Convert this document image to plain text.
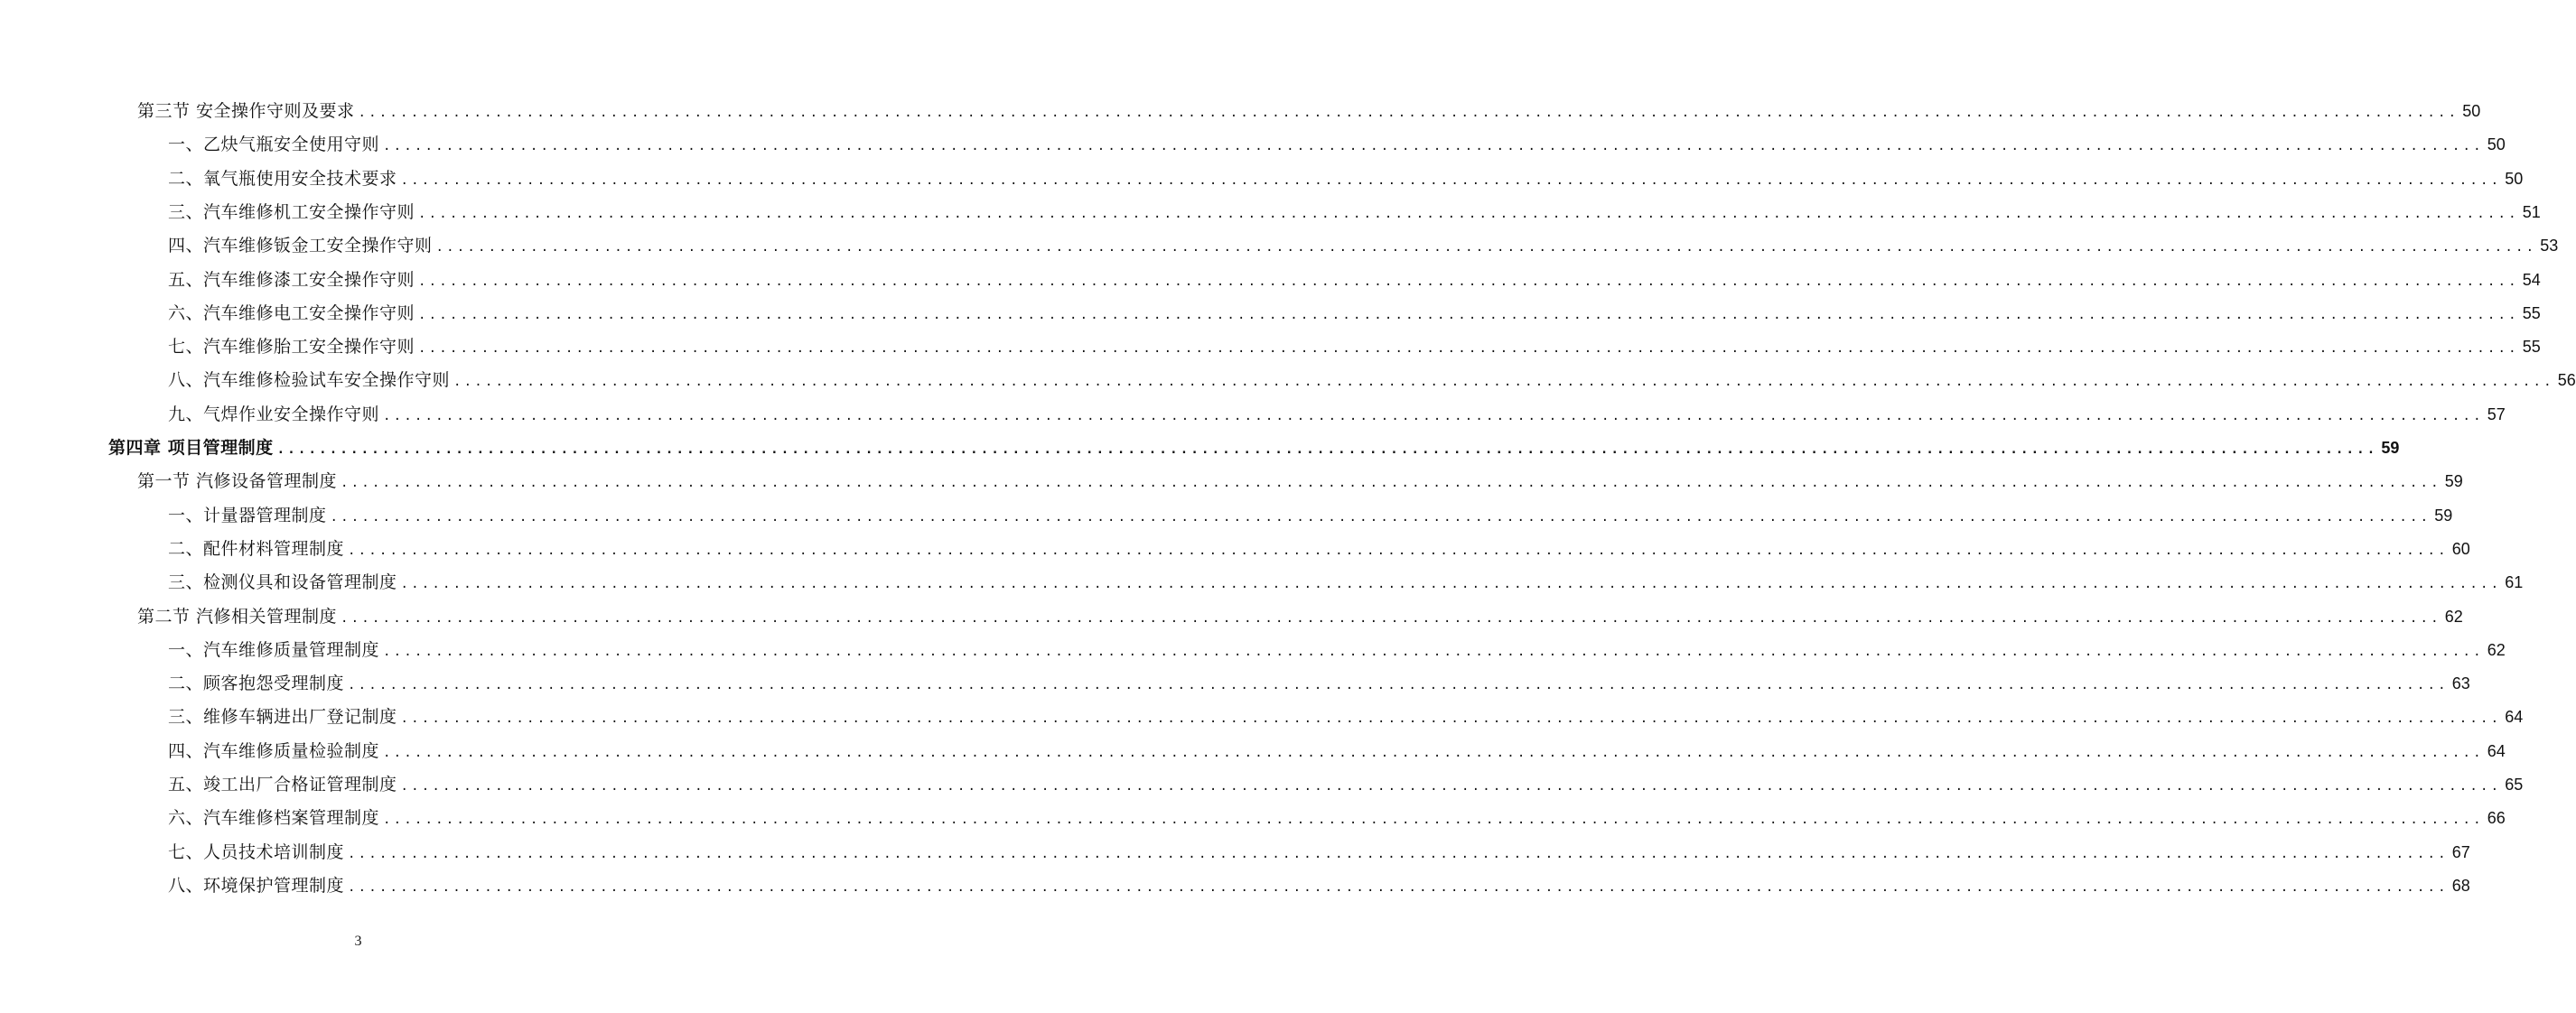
第三节 安全操作守则及要求 ........................................................................................................................................................................................................ 50
一、乙炔气瓶安全使用守则 ........................................................................................................................................................................................................ 50
二、氧气瓶使用安全技术要求 ........................................................................................................................................................................................................ 50
三、汽车维修机工安全操作守则 ........................................................................................................................................................................................................ 51
四、汽车维修钣金工安全操作守则 ........................................................................................................................................................................................................ 53
五、汽车维修漆工安全操作守则 ........................................................................................................................................................................................................ 54
六、汽车维修电工安全操作守则 ........................................................................................................................................................................................................ 55
七、汽车维修胎工安全操作守则 ........................................................................................................................................................................................................ 55
八、汽车维修检验试车安全操作守则 ........................................................................................................................................................................................................ 56
九、气焊作业安全操作守则 ........................................................................................................................................................................................................ 57
第四章 项目管理制度 ........................................................................................................................................................................................................ 59
第一节 汽修设备管理制度 ........................................................................................................................................................................................................ 59
一、计量器管理制度 ........................................................................................................................................................................................................ 59
二、配件材料管理制度 ........................................................................................................................................................................................................ 60
三、检测仪具和设备管理制度 ........................................................................................................................................................................................................ 61
第二节 汽修相关管理制度 ........................................................................................................................................................................................................ 62
一、汽车维修质量管理制度 ........................................................................................................................................................................................................ 62
二、顾客抱怨受理制度 ........................................................................................................................................................................................................ 63
三、维修车辆进出厂登记制度 ........................................................................................................................................................................................................ 64
四、汽车维修质量检验制度 ........................................................................................................................................................................................................ 64
五、竣工出厂合格证管理制度 ........................................................................................................................................................................................................ 65
六、汽车维修档案管理制度 ........................................................................................................................................................................................................ 66
七、人员技术培训制度 ........................................................................................................................................................................................................ 67
八、环境保护管理制度 ........................................................................................................................................................................................................ 68
3
